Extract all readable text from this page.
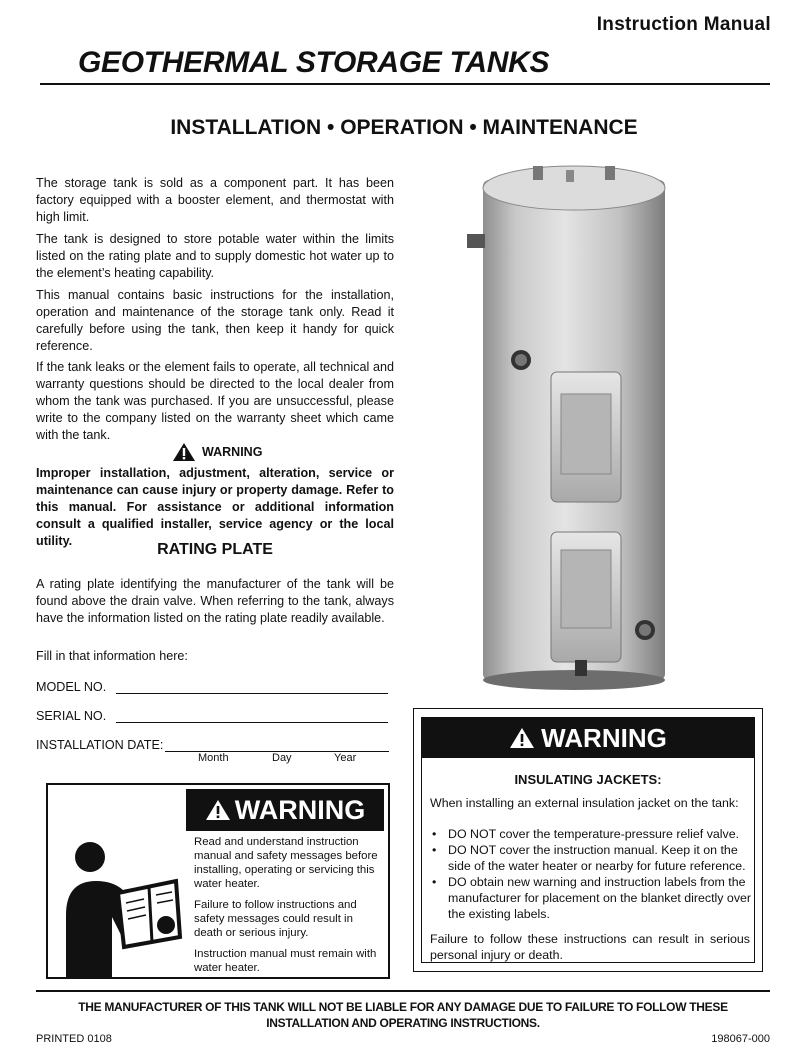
Instruction Manual
GEOTHERMAL STORAGE TANKS
INSTALLATION • OPERATION • MAINTENANCE
The storage tank is sold as a component part. It has been factory equipped with a booster element, and thermostat with high limit.
The tank is designed to store potable water within the limits listed on the rating plate and to supply domestic hot water up to the element’s heating capability.
This manual contains basic instructions for the installation, operation and maintenance of the storage tank only. Read it carefully before using the tank, then keep it handy for quick reference.
If the tank leaks or the element fails to operate, all technical and warranty questions should be directed to the local dealer from whom the tank was purchased. If you are unsuccessful, please write to the company listed on the warranty sheet which came with the tank.
WARNING
Improper installation, adjustment, alteration, service or maintenance can cause injury or property damage. Refer to this manual. For assistance or additional information consult a qualified installer, service agency or the local utility.	RATING PLATE
A rating plate identifying the manufacturer of the tank will be found above the drain valve. When referring to the tank, always have the information listed on the rating plate readily available.
Fill in that information here:
MODEL NO.
SERIAL NO.
INSTALLATION DATE:
Month	Day	Year
WARNING

Read and understand instruction manual and safety messages before installing, operating or servicing this water heater.

Failure to follow instructions and safety messages could result in death or serious injury.

Instruction manual must remain with water heater.

WARNING
INSULATING JACKETS:
When installing an external insulation jacket on the tank:
• DO NOT cover the temperature-pressure relief valve.
• DO NOT cover the instruction manual. Keep it on the side of the water heater or nearby for future reference.
• DO obtain new warning and instruction labels from the manufacturer for placement on the blanket directly over the existing labels.
Failure to follow these instructions can result in serious personal injury or death.
THE MANUFACTURER OF THIS TANK WILL NOT BE LIABLE FOR ANY DAMAGE DUE TO FAILURE TO FOLLOW THESE INSTALLATION AND OPERATING INSTRUCTIONS.
PRINTED 0108	198067-000
